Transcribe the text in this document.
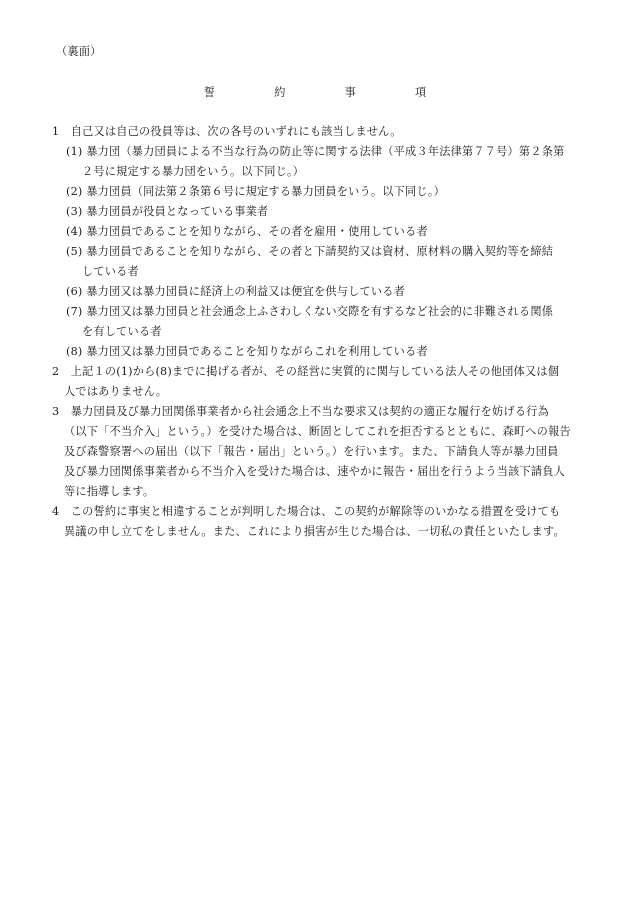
（裏面）
誓　約　事　項
1　自己又は自己の役員等は、次の各号のいずれにも該当しません。
(1) 暴力団（暴力団員による不当な行為の防止等に関する法律（平成３年法律第７７号）第２条第
２号に規定する暴力団をいう。以下同じ。）
(2) 暴力団員（同法第２条第６号に規定する暴力団員をいう。以下同じ。）
(3) 暴力団員が役員となっている事業者
(4) 暴力団員であることを知りながら、その者を雇用・使用している者
(5) 暴力団員であることを知りながら、その者と下請契約又は資材、原材料の購入契約等を締結
している者
(6) 暴力団又は暴力団員に経済上の利益又は便宜を供与している者
(7) 暴力団又は暴力団員と社会通念上ふさわしくない交際を有するなど社会的に非難される関係
を有している者
(8) 暴力団又は暴力団員であることを知りながらこれを利用している者
2　上記１の(1)から(8)までに掲げる者が、その経営に実質的に関与している法人その他団体又は個
人ではありません。
3　暴力団員及び暴力団関係事業者から社会通念上不当な要求又は契約の適正な履行を妨げる行為
（以下「不当介入」という。）を受けた場合は、断固としてこれを拒否するとともに、森町への報告
及び森警察署への届出（以下「報告・届出」という。）を行います。また、下請負人等が暴力団員
及び暴力団関係事業者から不当介入を受けた場合は、速やかに報告・届出を行うよう当該下請負人
等に指導します。
4　この誓約に事実と相違することが判明した場合は、この契約が解除等のいかなる措置を受けても
異議の申し立てをしません。また、これにより損害が生じた場合は、一切私の責任といたします。
